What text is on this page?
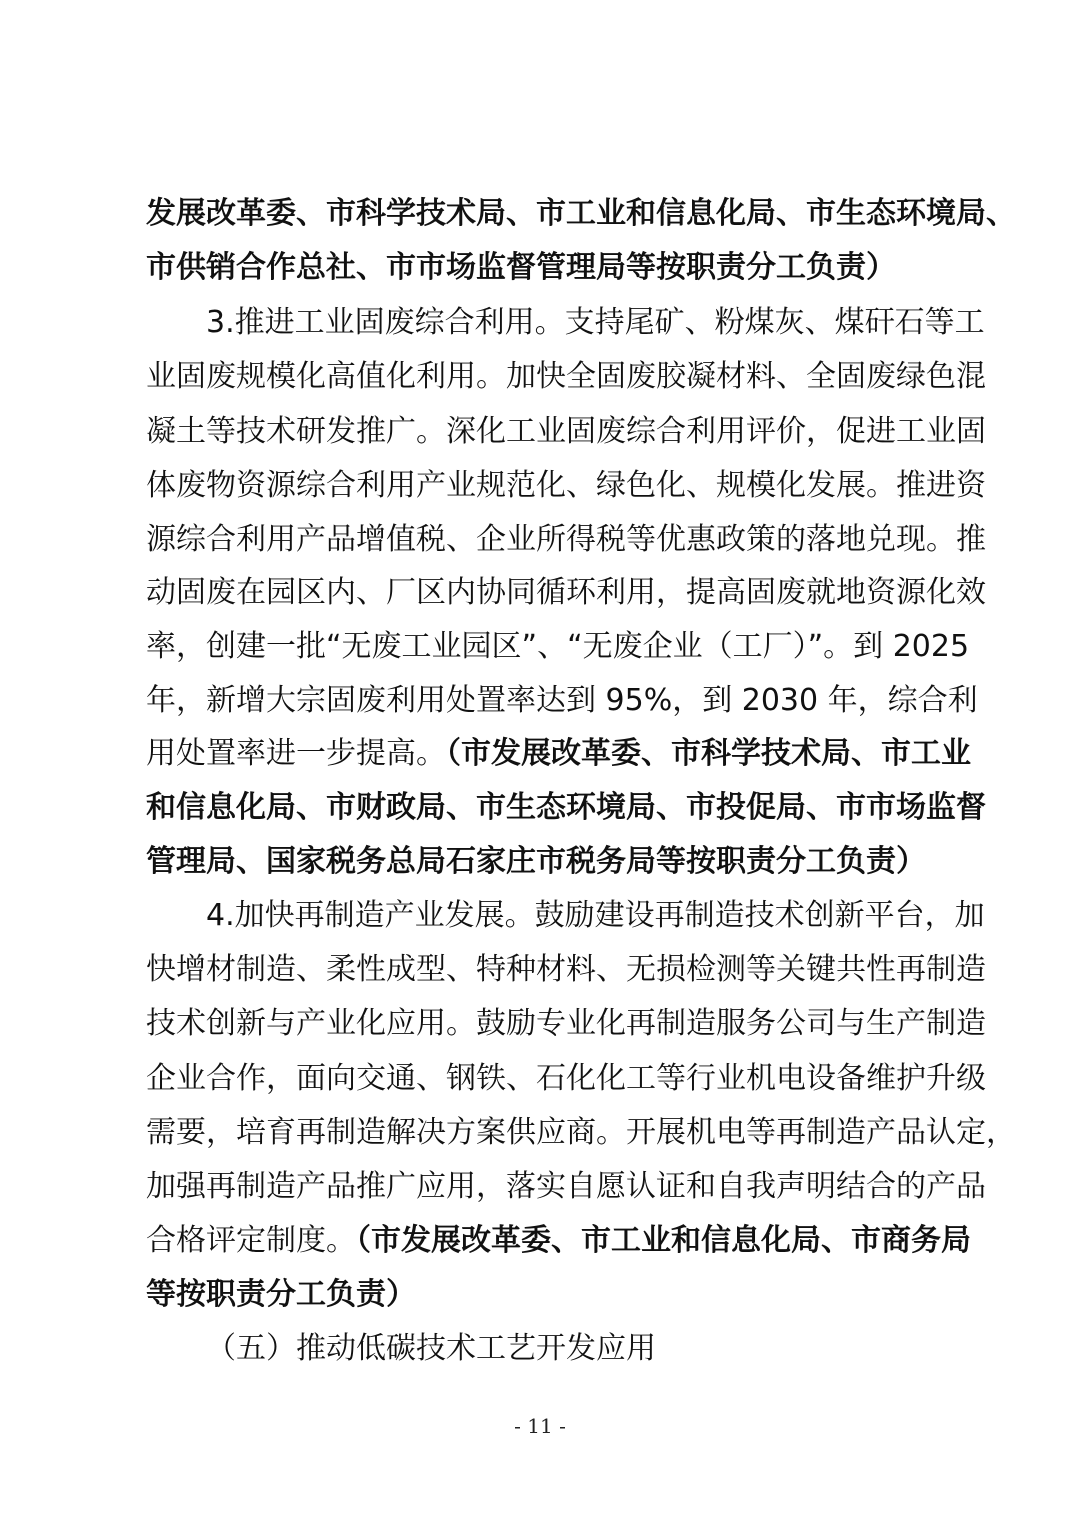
发展改革委、市科学技术局、市工业和信息化局、市生态环境局、
市供销合作总社、市市场监督管理局等按职责分工负责）
3.推进工业固废综合利用。支持尾矿、粉煤灰、煤矸石等工
业固废规模化高值化利用。加快全固废胶凝材料、全固废绿色混
凝土等技术研发推广。深化工业固废综合利用评价，促进工业固
体废物资源综合利用产业规范化、绿色化、规模化发展。推进资
源综合利用产品增值税、企业所得税等优惠政策的落地兑现。推
动固废在园区内、厂区内协同循环利用，提高固废就地资源化效
率，创建一批“无废工业园区”、“无废企业（工厂）”。到 2025
年，新增大宗固废利用处置率达到 95%，到 2030 年，综合利
用处置率进一步提高。（市发展改革委、市科学技术局、市工业
和信息化局、市财政局、市生态环境局、市投促局、市市场监督
管理局、国家税务总局石家庄市税务局等按职责分工负责）
4.加快再制造产业发展。鼓励建设再制造技术创新平台，加
快增材制造、柔性成型、特种材料、无损检测等关键共性再制造
技术创新与产业化应用。鼓励专业化再制造服务公司与生产制造
企业合作，面向交通、钢铁、石化化工等行业机电设备维护升级
需要，培育再制造解决方案供应商。开展机电等再制造产品认定，
加强再制造产品推广应用，落实自愿认证和自我声明结合的产品
合格评定制度。（市发展改革委、市工业和信息化局、市商务局
等按职责分工负责）
（五）推动低碳技术工艺开发应用
- 11 -
